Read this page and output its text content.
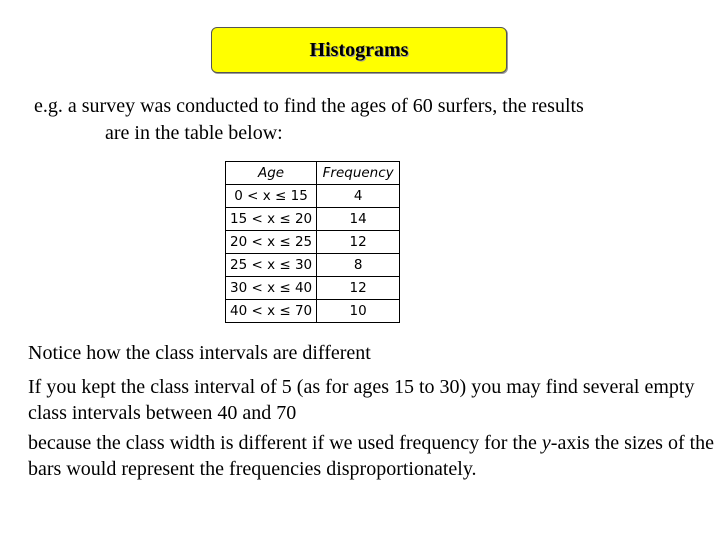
Histograms
e.g. a survey was conducted to find the ages of 60 surfers, the results
are in the table below:
Age	Frequency
0 < x ≤ 15	4
15 < x ≤ 20	14
20 < x ≤ 25	12
25 < x ≤ 30	8
30 < x ≤ 40	12
40 < x ≤ 70	10

Notice how the class intervals are different

If you kept the class interval of 5 (as for ages 15 to 30) you may find several empty class intervals between 40 and 70

because the class width is different if we used frequency for the y-axis the sizes of the bars would represent the frequencies disproportionately.
